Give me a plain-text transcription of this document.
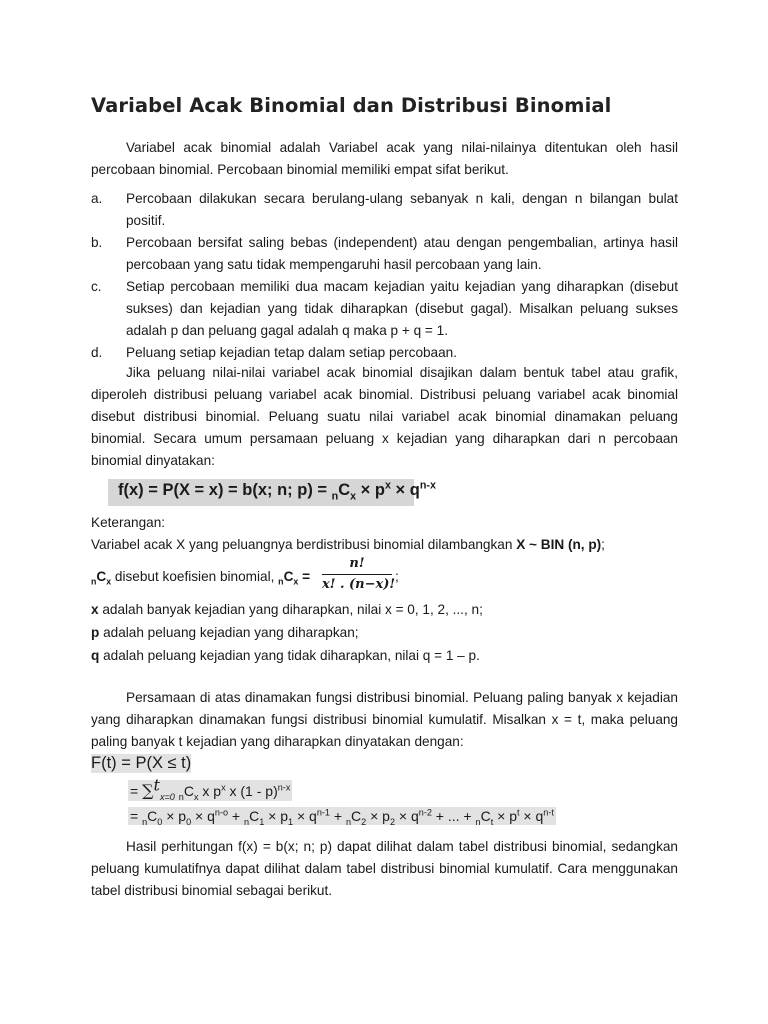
Variabel Acak Binomial dan Distribusi Binomial

Variabel acak binomial adalah Variabel acak yang nilai-nilainya ditentukan oleh hasil percobaan binomial. Percobaan binomial memiliki empat sifat berikut.

a.	Percobaan dilakukan secara berulang-ulang sebanyak n kali, dengan n bilangan bulat positif.
b.	Percobaan bersifat saling bebas (independent) atau dengan pengembalian, artinya hasil percobaan yang satu tidak mempengaruhi hasil percobaan yang lain.
c.	Setiap percobaan memiliki dua macam kejadian yaitu kejadian yang diharapkan (disebut sukses) dan kejadian yang tidak diharapkan (disebut gagal). Misalkan peluang sukses adalah p dan peluang gagal adalah q maka p + q = 1.
d.	Peluang setiap kejadian tetap dalam setiap percobaan.

Jika peluang nilai-nilai variabel acak binomial disajikan dalam bentuk tabel atau grafik, diperoleh distribusi peluang variabel acak binomial. Distribusi peluang variabel acak binomial disebut distribusi binomial. Peluang suatu nilai variabel acak binomial dinamakan peluang binomial. Secara umum persamaan peluang x kejadian yang diharapkan dari n percobaan binomial dinyatakan:

f(x) = P(X = x) = b(x; n; $p) = _nC_x \times p^x \times q^{n-x}$
Keterangan:
Variabel acak X yang peluangnya berdistribusi binomial dilambangkan X ~ BIN (n, p);
$_nC_x$ disebut koefisien binomial, $_nC_x$ =
n!
x! . (n−x)!
;
x adalah banyak kejadian yang diharapkan, nilai x = 0, 1, 2, ..., n;
p adalah peluang kejadian yang diharapkan;
q adalah peluang kejadian yang tidak diharapkan, nilai q = 1 – p.

Persamaan di atas dinamakan fungsi distribusi binomial. Peluang paling banyak x kejadian yang diharapkan dinamakan fungsi distribusi binomial kumulatif. Misalkan x = t, maka peluang paling banyak t kejadian yang diharapkan dinyatakan dengan:

F(t) = P(X ≤ t)
= ∑$^t_{x=0}$ $_nC_x$ x $p^x$ x (1 - p)$^{n-x}$
= $_nC_0 \times p_0 \times q^{n-o} + _nC_1 \times p_1 \times q^{n-1} + _nC_2 \times p_2 \times q^{n-2}$ + ... + $_nC_t \times p^t \times q^{n-t}$

Hasil perhitungan f(x) = b(x; n; p) dapat dilihat dalam tabel distribusi binomial, sedangkan peluang kumulatifnya dapat dilihat dalam tabel distribusi binomial kumulatif. Cara menggunakan tabel distribusi binomial sebagai berikut.
